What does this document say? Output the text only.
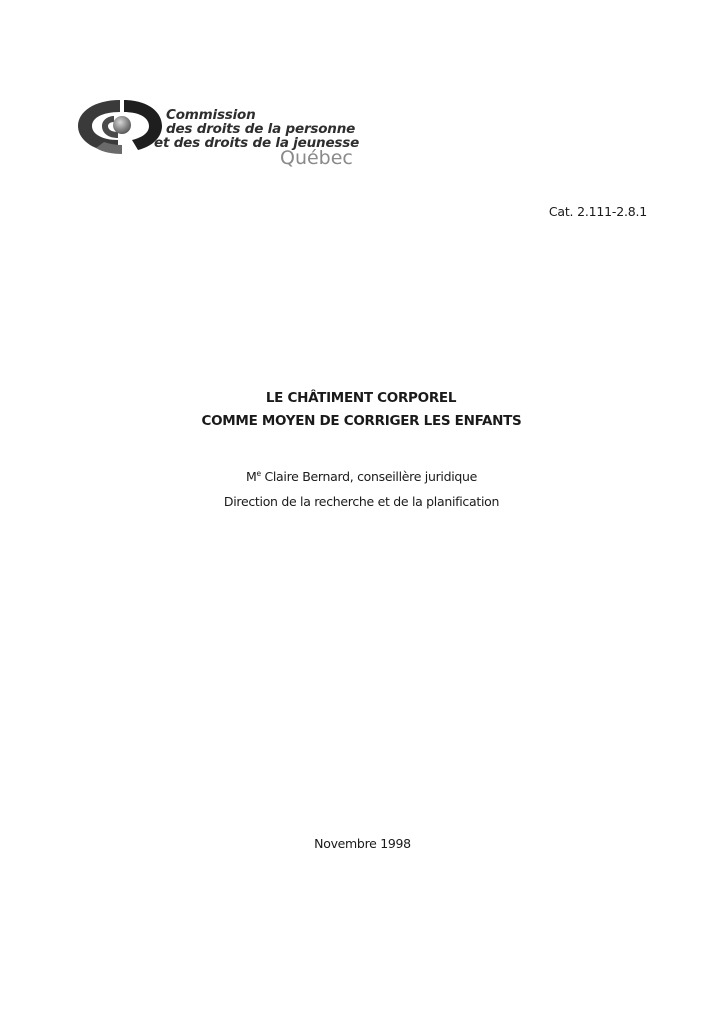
Commission
des droits de la personne
et des droits de la jeunesse
Québec
Cat. 2.111-2.8.1
LE CHÂTIMENT CORPOREL
COMME MOYEN DE CORRIGER LES ENFANTS
Me Claire Bernard, conseillère juridique
Direction de la recherche et de la planification
Novembre 1998
